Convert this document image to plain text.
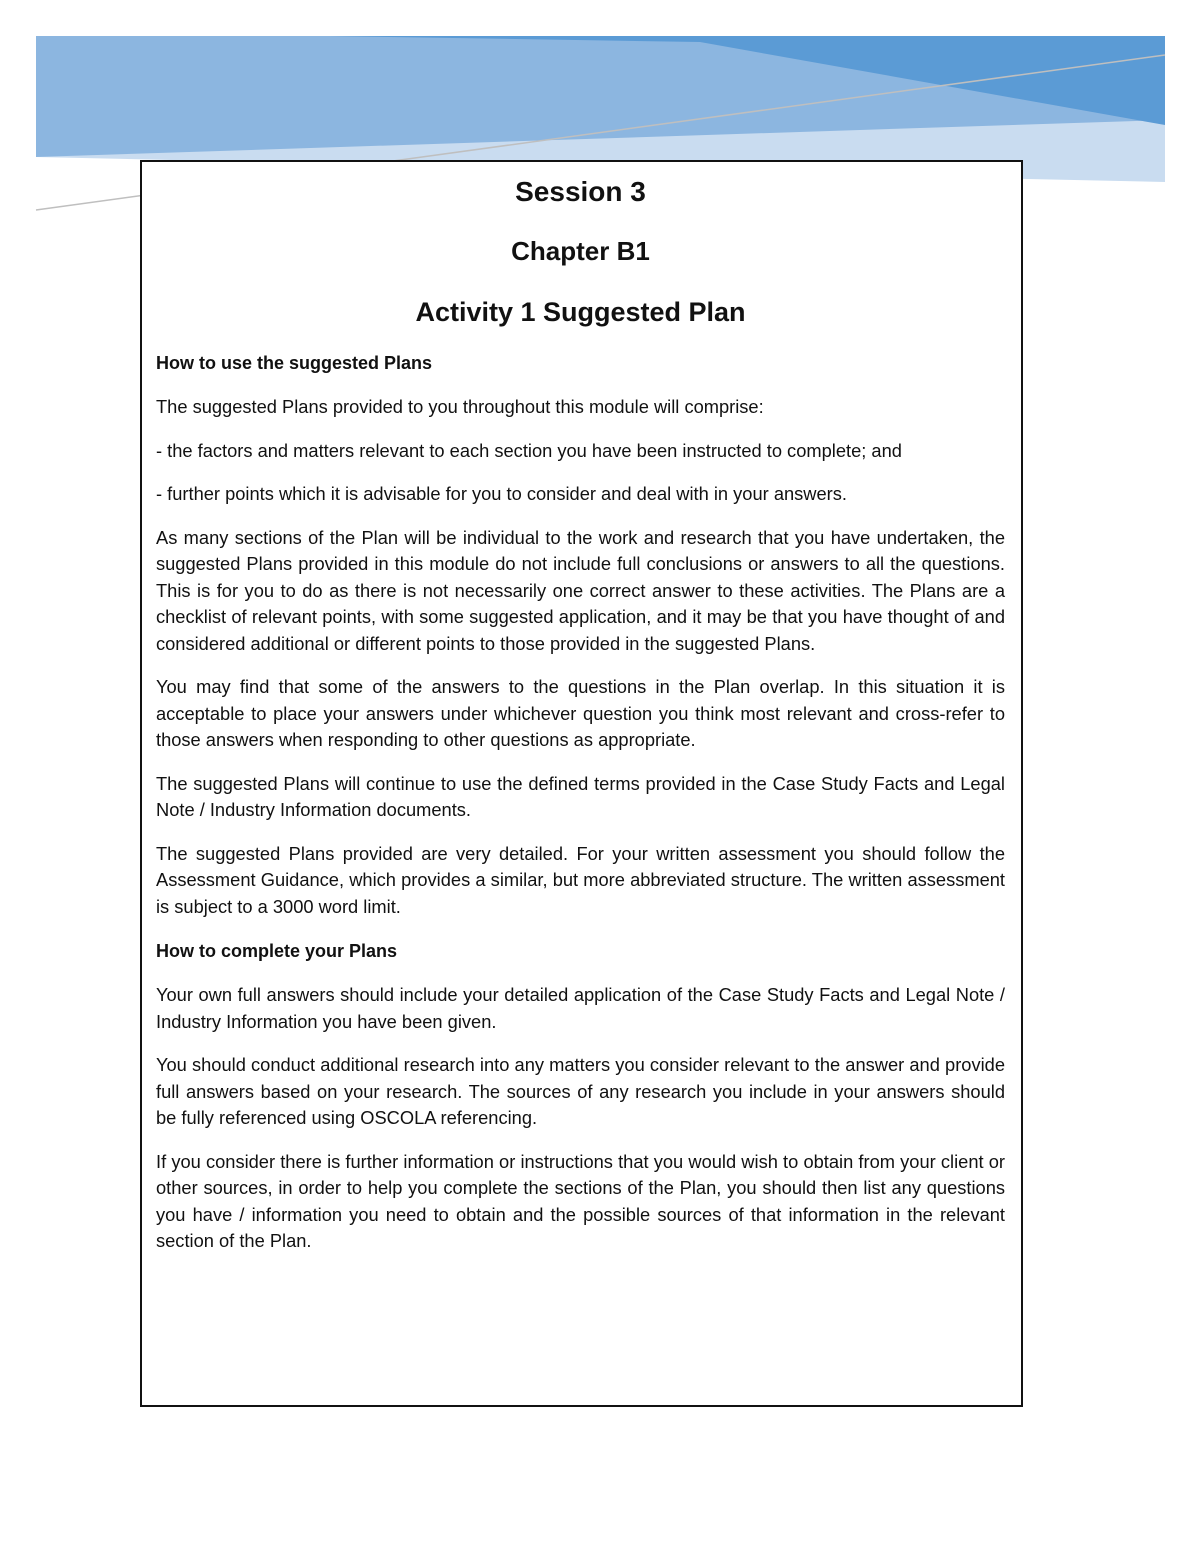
Session 3
Chapter B1
Activity 1 Suggested Plan

How to use the suggested Plans

The suggested Plans provided to you throughout this module will comprise:

- the factors and matters relevant to each section you have been instructed to complete; and

- further points which it is advisable for you to consider and deal with in your answers.

As many sections of the Plan will be individual to the work and research that you have undertaken, the suggested Plans provided in this module do not include full conclusions or answers to all the questions. This is for you to do as there is not necessarily one correct answer to these activities. The Plans are a checklist of relevant points, with some suggested application, and it may be that you have thought of and considered additional or different points to those provided in the suggested Plans.

You may find that some of the answers to the questions in the Plan overlap. In this situation it is acceptable to place your answers under whichever question you think most relevant and cross-refer to those answers when responding to other questions as appropriate.

The suggested Plans will continue to use the defined terms provided in the Case Study Facts and Legal Note / Industry Information documents.

The suggested Plans provided are very detailed. For your written assessment you should follow the Assessment Guidance, which provides a similar, but more abbreviated structure. The written assessment is subject to a 3000 word limit.

How to complete your Plans

Your own full answers should include your detailed application of the Case Study Facts and Legal Note / Industry Information you have been given.

You should conduct additional research into any matters you consider relevant to the answer and provide full answers based on your research. The sources of any research you include in your answers should be fully referenced using OSCOLA referencing.

If you consider there is further information or instructions that you would wish to obtain from your client or other sources, in order to help you complete the sections of the Plan, you should then list any questions you have / information you need to obtain and the possible sources of that information in the relevant section of the Plan.
